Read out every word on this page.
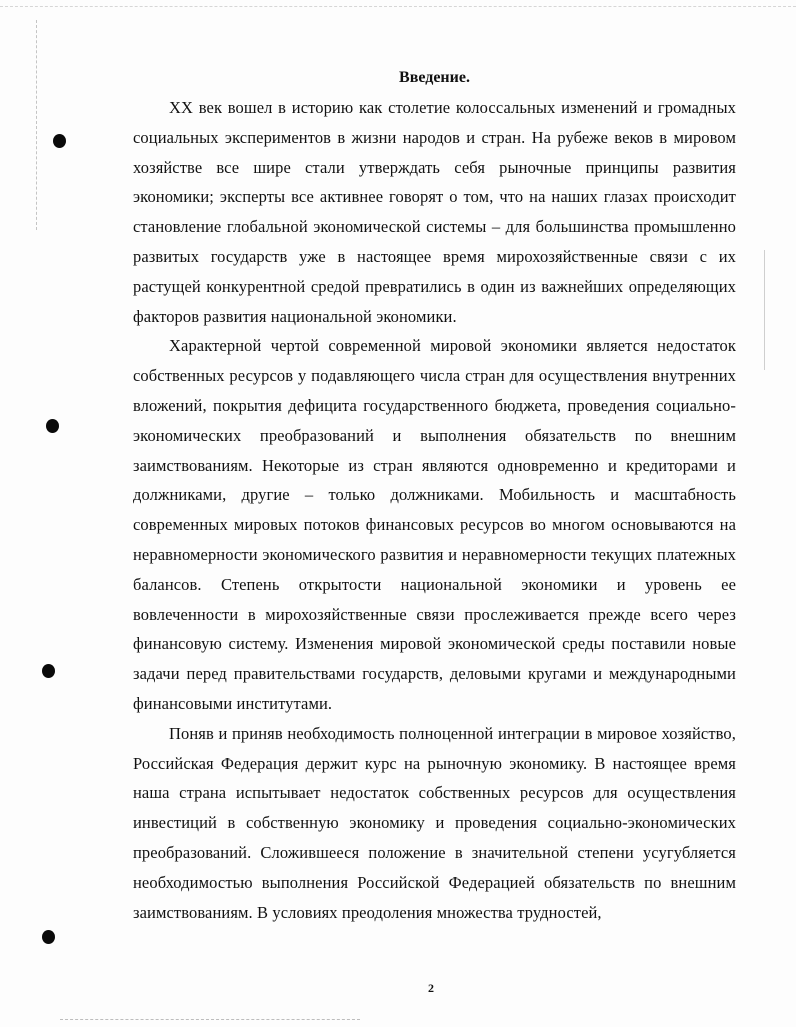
Введение.

XX век вошел в историю как столетие колоссальных изменений и громадных социальных экспериментов в жизни народов и стран. На рубеже веков в мировом хозяйстве все шире стали утверждать себя рыночные принципы развития экономики; эксперты все активнее говорят о том, что на наших глазах происходит становление глобальной экономической системы – для большинства промышленно развитых государств уже в настоящее время мирохозяйственные связи с их растущей конкурентной средой превратились в один из важнейших определяющих факторов развития национальной экономики.

Характерной чертой современной мировой экономики является недостаток собственных ресурсов у подавляющего числа стран для осуществления внутренних вложений, покрытия дефицита государственного бюджета, проведения социально-экономических преобразований и выполнения обязательств по внешним заимствованиям. Некоторые из стран являются одновременно и кредиторами и должниками, другие – только должниками. Мобильность и масштабность современных мировых потоков финансовых ресурсов во многом основываются на неравномерности экономического развития и неравномерности текущих платежных балансов. Степень открытости национальной экономики и уровень ее вовлеченности в мирохозяйственные связи прослеживается прежде всего через финансовую систему. Изменения мировой экономической среды поставили новые задачи перед правительствами государств, деловыми кругами и международными финансовыми институтами.

Поняв и приняв необходимость полноценной интеграции в мировое хозяйство, Российская Федерация держит курс на рыночную экономику. В настоящее время наша страна испытывает недостаток собственных ресурсов для осуществления инвестиций в собственную экономику и проведения социально-экономических преобразований. Сложившееся положение в значительной степени усугубляется необходимостью выполнения Российской Федерацией обязательств по внешним заимствованиям. В условиях преодоления множества трудностей,

2
